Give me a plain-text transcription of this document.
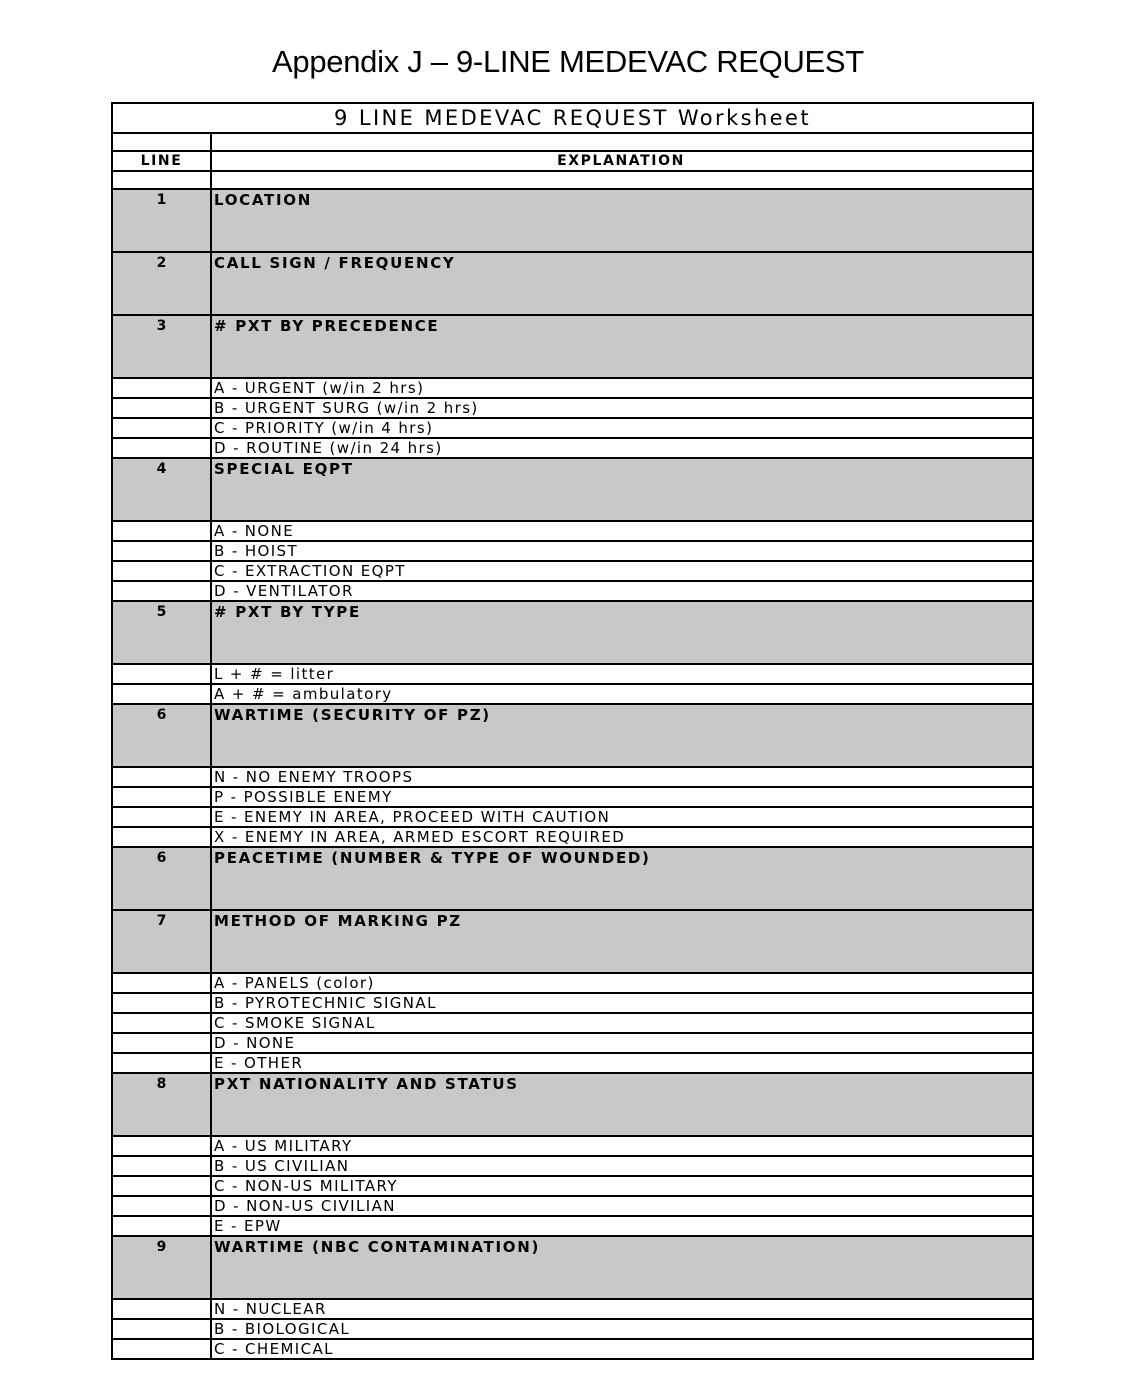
Appendix J – 9-LINE MEDEVAC REQUEST
9 LINE MEDEVAC REQUEST Worksheet	

LINE	EXPLANATION

1	LOCATION
2	CALL SIGN / FREQUENCY
3	# PXT BY PRECEDENCE
	A - URGENT (w/in 2 hrs)
	B - URGENT SURG (w/in 2 hrs)
	C - PRIORITY (w/in 4 hrs)
	D - ROUTINE (w/in 24 hrs)
4	SPECIAL EQPT
	A - NONE
	B - HOIST
	C - EXTRACTION EQPT
	D - VENTILATOR
5	# PXT BY TYPE
	L + # = litter
	A + # = ambulatory
6	WARTIME (SECURITY OF PZ)
	N - NO ENEMY TROOPS
	P - POSSIBLE ENEMY
	E - ENEMY IN AREA, PROCEED WITH CAUTION
	X - ENEMY IN AREA, ARMED ESCORT REQUIRED
6	PEACETIME (NUMBER & TYPE OF WOUNDED)
7	METHOD OF MARKING PZ
	A - PANELS (color)
	B - PYROTECHNIC SIGNAL
	C - SMOKE SIGNAL
	D - NONE
	E - OTHER
8	PXT NATIONALITY AND STATUS
	A - US MILITARY
	B - US CIVILIAN
	C - NON-US MILITARY
	D - NON-US CIVILIAN
	E - EPW
9	WARTIME (NBC CONTAMINATION)
	N - NUCLEAR
	B - BIOLOGICAL
	C - CHEMICAL
